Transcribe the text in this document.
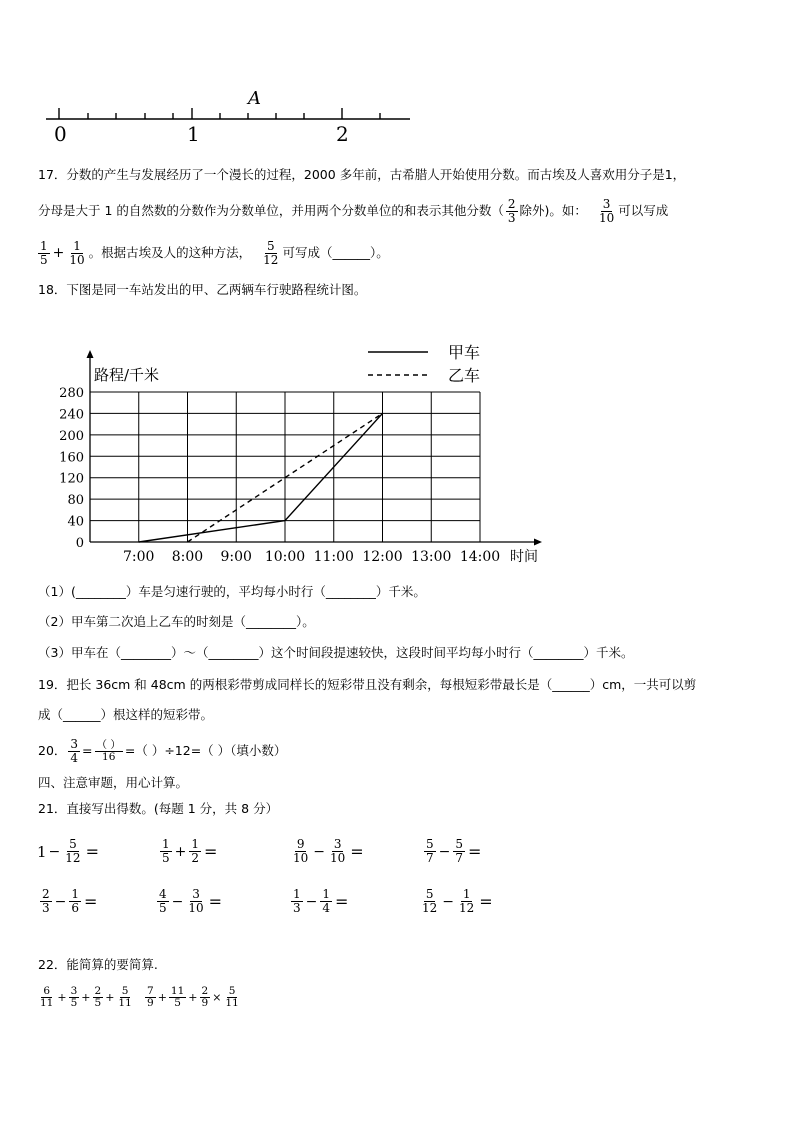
A
0	1	2
17．分数的产生与发展经历了一个漫长的过程，2000 多年前，古希腊人开始使用分数。而古埃及人喜欢用分子是1，
分母是大于 1 的自然数的分数作为分数单位，并用两个分数单位的和表示其他分数（ $\frac{2}{3}$ 除外)。如： $\frac{3}{10}$ 可以写成
$\frac{1}{5} + \frac{1}{10}$ 。根据古埃及人的这种方法， $\frac{5}{12}$ 可写成（______）。
18．下图是同一车站发出的甲、乙两辆车行驶路程统计图。
0
40
80
120
160
200
240
280
7:00 8:00 9:00 10:00 11:00 12:00 13:00 14:00
路程/千米
时间
甲车
乙车
（1）(________）车是匀速行驶的，平均每小时行（________）千米。
（2）甲车第二次追上乙车的时刻是（________）。
（3）甲车在（________）～（________）这个时间段提速较快，这段时间平均每小时行（________）千米。
19．把长 36cm 和 48cm 的两根彩带剪成同样长的短彩带且没有剩余，每根短彩带最长是（______）cm，一共可以剪
成（______）根这样的短彩带。
20． $\frac{3}{4} = \frac{( )}{16}$ =（ ）÷12=（ ）（填小数）
四、注意审题，用心计算。
21．直接写出得数。(每题 1 分，共 8 分）
$1 - \frac{5}{12}$ =	$\frac{1}{5} + \frac{1}{2}$ =	$\frac{9}{10} - \frac{3}{10}$ =	$\frac{5}{7} - \frac{5}{7}$ =
$\frac{2}{3} - \frac{1}{6}$ =	$\frac{4}{5} - \frac{3}{10}$ =	$\frac{1}{3} - \frac{1}{4}$ =	$\frac{5}{12} - \frac{1}{12}$ =
22．能简算的要简算.
$\frac{6}{11} + \frac{3}{5} + \frac{2}{5} + \frac{5}{11} \frac{7}{9} + \frac{11}{5} + \frac{2}{9} \times \frac{5}{11}$
